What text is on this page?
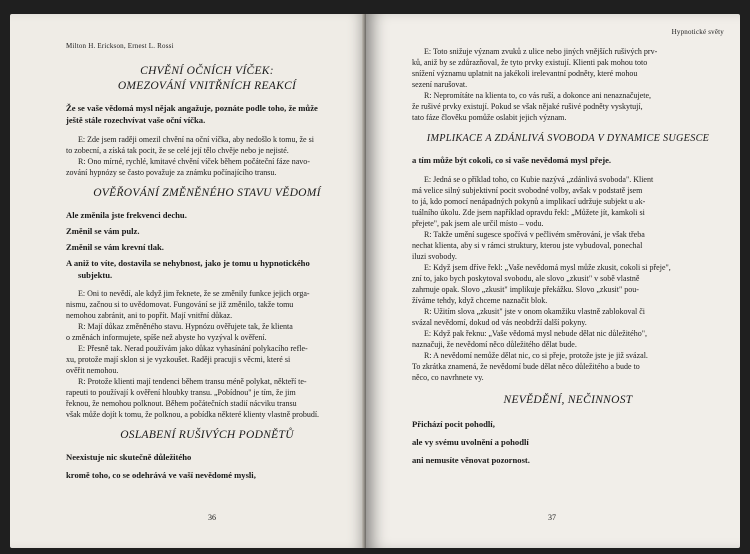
Milton H. Erickson, Ernest L. Rossi

CHVĚNÍ OČNÍCH VÍČEK:

OMEZOVÁNÍ VNITŘNÍCH REAKCÍ

Že se vaše vědomá mysl nějak angažuje, poznáte podle toho, že může

ještě stále rozechvívat vaše oční víčka.

E: Zde jsem raději omezil chvění na oční víčka, aby nedošlo k tomu, že si

to zobecní, a získá tak pocit, že se celé její tělo chvěje nebo je nejisté.

R: Ono mírné, rychlé, kmitavé chvění víček během počáteční fáze navo-

zování hypnózy se často považuje za známku počínajícího transu.

OVĚŘOVÁNÍ ZMĚNĚNÉHO STAVU VĚDOMÍ

Ale změnila jste frekvenci dechu.

Změnil se vám pulz.

Změnil se vám krevní tlak.

A aniž to víte, dostavila se nehybnost, jako je tomu u hypnotického

subjektu.

E: Oni to nevědí, ale když jim řeknete, že se změnily funkce jejich orga-

nismu, začnou si to uvědomovat. Fungování se již změnilo, takže tomu

nemohou zabránit, ani to popřít. Mají vnitřní důkaz.

R: Mají důkaz změněného stavu. Hypnózu ověřujete tak, že klienta

o změnách informujete, spíše než abyste ho vyzýval k ověření.

E: Přesně tak. Nerad používám jako důkaz vyhasínání polykacího refle-

xu, protože mají sklon si je vyzkoušet. Raději pracuji s věcmi, které si

ověřit nemohou.

R: Protože klienti mají tendenci během transu méně polykat, někteří te-

rapeuti to používají k ověření hloubky transu. „Pobídnou" je tím, že jim

řeknou, že nemohou polknout. Během počátečních stadií nácviku transu

však může dojít k tomu, že polknou, a pobídka některé klienty vlastně probudí.

OSLABENÍ RUŠIVÝCH PODNĚTŮ

Neexistuje nic skutečně důležitého

kromě toho, co se odehrává ve vaší nevědomé mysli,

36

Hypnotické světy

E: Toto snižuje význam zvuků z ulice nebo jiných vnějších rušivých prv-

ků, aniž by se zdůrazňoval, že tyto prvky existují. Klienti pak mohou toto

snížení významu uplatnit na jakékoli irelevantní podněty, které mohou

sezení narušovat.

R: Nepromítáte na klienta to, co vás ruší, a dokonce ani nenaznačujete,

že rušivé prvky existují. Pokud se však nějaké rušivé podněty vyskytují,

tato fáze člověku pomůže oslabit jejich význam.

IMPLIKACE A ZDÁNLIVÁ SVOBODA V DYNAMICE SUGESCE

a tím může být cokoli, co si vaše nevědomá mysl přeje.

E: Jedná se o příklad toho, co Kubie nazývá „zdánlivá svoboda". Klient

má velice silný subjektivní pocit svobodné volby, avšak v podstatě jsem

to já, kdo pomocí nenápadných pokynů a implikací udržuje subjekt u ak-

tuálního úkolu. Zde jsem například opravdu řekl: „Můžete jít, kamkoli si

přejete", pak jsem ale určil místo – vodu.

R: Takže umění sugesce spočívá v pečlivém směrování, je však třeba

nechat klienta, aby si v rámci struktury, kterou jste vybudoval, ponechal

iluzi svobody.

E: Když jsem dříve řekl: „Vaše nevědomá mysl může zkusit, cokoli si přeje",

zní to, jako bych poskytoval svobodu, ale slovo „zkusit" v sobě vlastně

zahrnuje opak. Slovo „zkusit" implikuje překážku. Slovo „zkusit" pou-

žíváme tehdy, když chceme naznačit blok.

R: Užitím slova „zkusit" jste v onom okamžiku vlastně zablokoval či

svázal nevědomí, dokud od vás neobdrží další pokyny.

E: Když pak řeknu: „Vaše vědomá mysl nebude dělat nic důležitého",

naznačuji, že nevědomí něco důležitého dělat bude.

R: A nevědomí nemůže dělat nic, co si přeje, protože jste je již svázal.

To zkrátka znamená, že nevědomí bude dělat něco důležitého a bude to

něco, co navrhnete vy.

NEVĚDĚNÍ, NEČINNOST

Přichází pocit pohodlí,

ale vy svému uvolnění a pohodlí

ani nemusíte věnovat pozornost.

37
